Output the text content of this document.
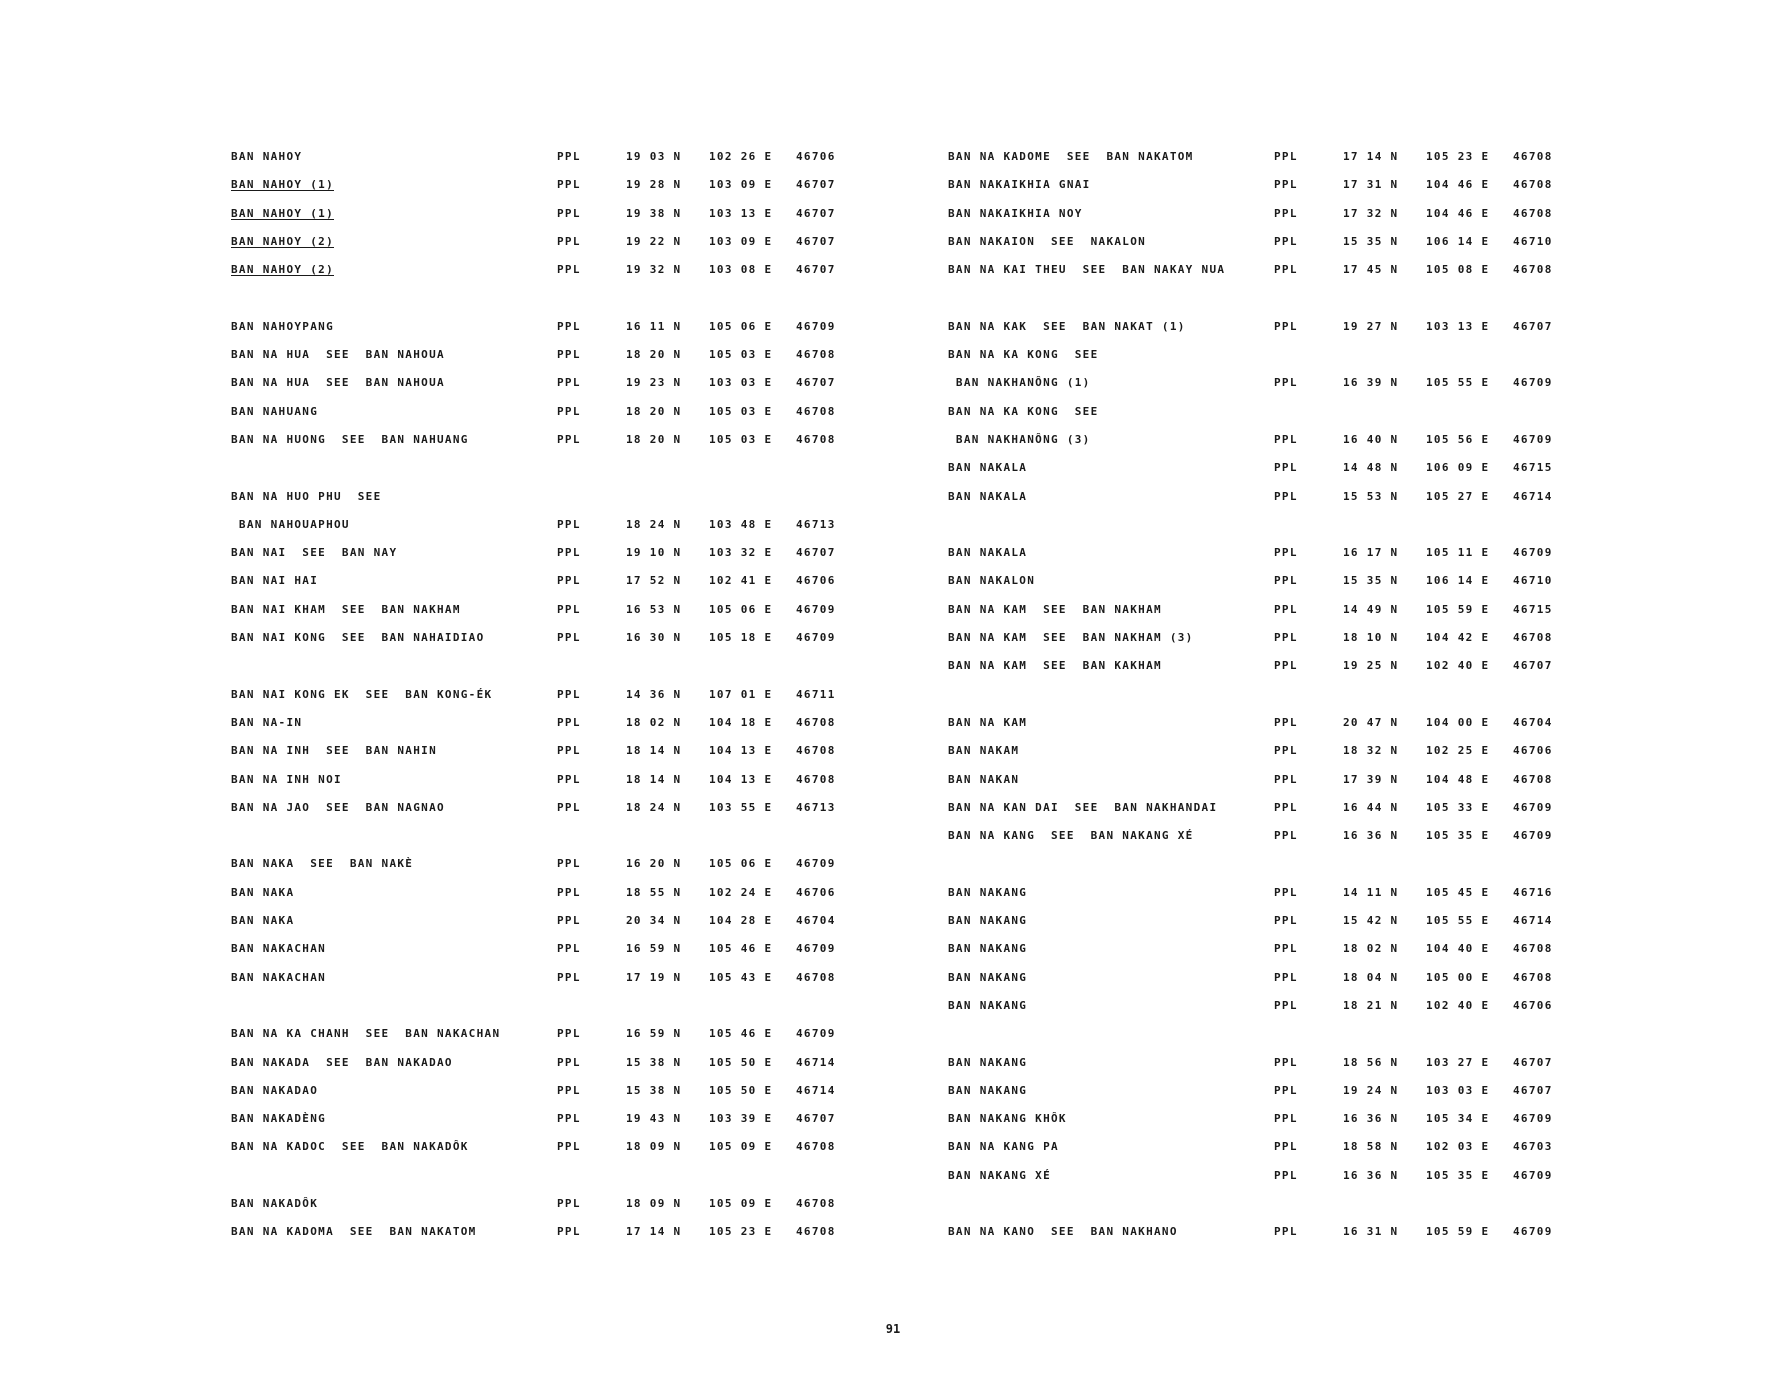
BAN NAHOY	PPL	19 03 N	102 26 E 46706
BAN NAHOY (1)	PPL	19 28 N	103 09 E 46707
BAN NAHOY (1)	PPL	19 38 N	103 13 E 46707
BAN NAHOY (2)	PPL	19 22 N	103 09 E 46707
BAN NAHOY (2)	PPL	19 32 N	103 08 E 46707
BAN NAHOYPANG	PPL	16 11 N	105 06 E 46709
BAN NA HUA  SEE  BAN NAHOUA	PPL	18 20 N	105 03 E 46708
BAN NA HUA  SEE  BAN NAHOUA	PPL	19 23 N	103 03 E 46707
BAN NAHUANG	PPL	18 20 N	105 03 E 46708
BAN NA HUONG  SEE  BAN NAHUANG	PPL	18 20 N	105 03 E 46708
BAN NA HUO PHU  SEE
BAN NAHOUAPHOU	PPL	18 24 N	103 48 E 46713
BAN NAI  SEE  BAN NAY	PPL	19 10 N	103 32 E 46707
BAN NAI HAI	PPL	17 52 N	102 41 E 46706
BAN NAI KHAM  SEE  BAN NAKHAM	PPL	16 53 N	105 06 E 46709
BAN NAI KONG  SEE  BAN NAHAIDIAO	PPL	16 30 N	105 18 E 46709
BAN NAI KONG EK  SEE  BAN KONG-ÉK	PPL	14 36 N	107 01 E 46711
BAN NA-IN	PPL	18 02 N	104 18 E 46708
BAN NA INH  SEE  BAN NAHIN	PPL	18 14 N	104 13 E 46708
BAN NA INH NOI	PPL	18 14 N	104 13 E 46708
BAN NA JAO  SEE  BAN NAGNAO	PPL	18 24 N	103 55 E 46713
BAN NAKA  SEE  BAN NAKÈ	PPL	16 20 N	105 06 E 46709
BAN NAKA	PPL	18 55 N	102 24 E 46706
BAN NAKA	PPL	20 34 N	104 28 E 46704
BAN NAKACHAN	PPL	16 59 N	105 46 E 46709
BAN NAKACHAN	PPL	17 19 N	105 43 E 46708
BAN NA KA CHANH  SEE  BAN NAKACHAN	PPL	16 59 N	105 46 E 46709
BAN NAKADA  SEE  BAN NAKADAO	PPL	15 38 N	105 50 E 46714
BAN NAKADAO	PPL	15 38 N	105 50 E 46714
BAN NAKADÈNG	PPL	19 43 N	103 39 E 46707
BAN NA KADOC  SEE  BAN NAKADÔK	PPL	18 09 N	105 09 E 46708
BAN NAKADÔK	PPL	18 09 N	105 09 E 46708
BAN NA KADOMA  SEE  BAN NAKATOM	PPL	17 14 N	105 23 E 46708
BAN NA KADOME  SEE  BAN NAKATOM	PPL	17 14 N	105 23 E 46708
BAN NAKAIKHIA GNAI	PPL	17 31 N	104 46 E 46708
BAN NAKAIKHIA NOY	PPL	17 32 N	104 46 E 46708
BAN NAKAION  SEE  NAKALON	PPL	15 35 N	106 14 E 46710
BAN NA KAI THEU  SEE  BAN NAKAY NUA	PPL	17 45 N	105 08 E 46708
BAN NA KAK  SEE  BAN NAKAT (1)	PPL	19 27 N	103 13 E 46707
BAN NA KA KONG  SEE
BAN NAKHANÔNG (1)	PPL	16 39 N	105 55 E 46709
BAN NA KA KONG  SEE
BAN NAKHANÔNG (3)	PPL	16 40 N	105 56 E 46709
BAN NAKALA	PPL	14 48 N	106 09 E 46715
BAN NAKALA	PPL	15 53 N	105 27 E 46714
BAN NAKALA	PPL	16 17 N	105 11 E 46709
BAN NAKALON	PPL	15 35 N	106 14 E 46710
BAN NA KAM  SEE  BAN NAKHAM	PPL	14 49 N	105 59 E 46715
BAN NA KAM  SEE  BAN NAKHAM (3)	PPL	18 10 N	104 42 E 46708
BAN NA KAM  SEE  BAN KAKHAM	PPL	19 25 N	102 40 E 46707
BAN NA KAM	PPL	20 47 N	104 00 E 46704
BAN NAKAM	PPL	18 32 N	102 25 E 46706
BAN NAKAN	PPL	17 39 N	104 48 E 46708
BAN NA KAN DAI  SEE  BAN NAKHANDAI	PPL	16 44 N	105 33 E 46709
BAN NA KANG  SEE  BAN NAKANG XÉ	PPL	16 36 N	105 35 E 46709
BAN NAKANG	PPL	14 11 N	105 45 E 46716
BAN NAKANG	PPL	15 42 N	105 55 E 46714
BAN NAKANG	PPL	18 02 N	104 40 E 46708
BAN NAKANG	PPL	18 04 N	105 00 E 46708
BAN NAKANG	PPL	18 21 N	102 40 E 46706
BAN NAKANG	PPL	18 56 N	103 27 E 46707
BAN NAKANG	PPL	19 24 N	103 03 E 46707
BAN NAKANG KHÔK	PPL	16 36 N	105 34 E 46709
BAN NA KANG PA	PPL	18 58 N	102 03 E 46703
BAN NAKANG XÉ	PPL	16 36 N	105 35 E 46709
BAN NA KANO  SEE  BAN NAKHANO	PPL	16 31 N	105 59 E 46709
91
